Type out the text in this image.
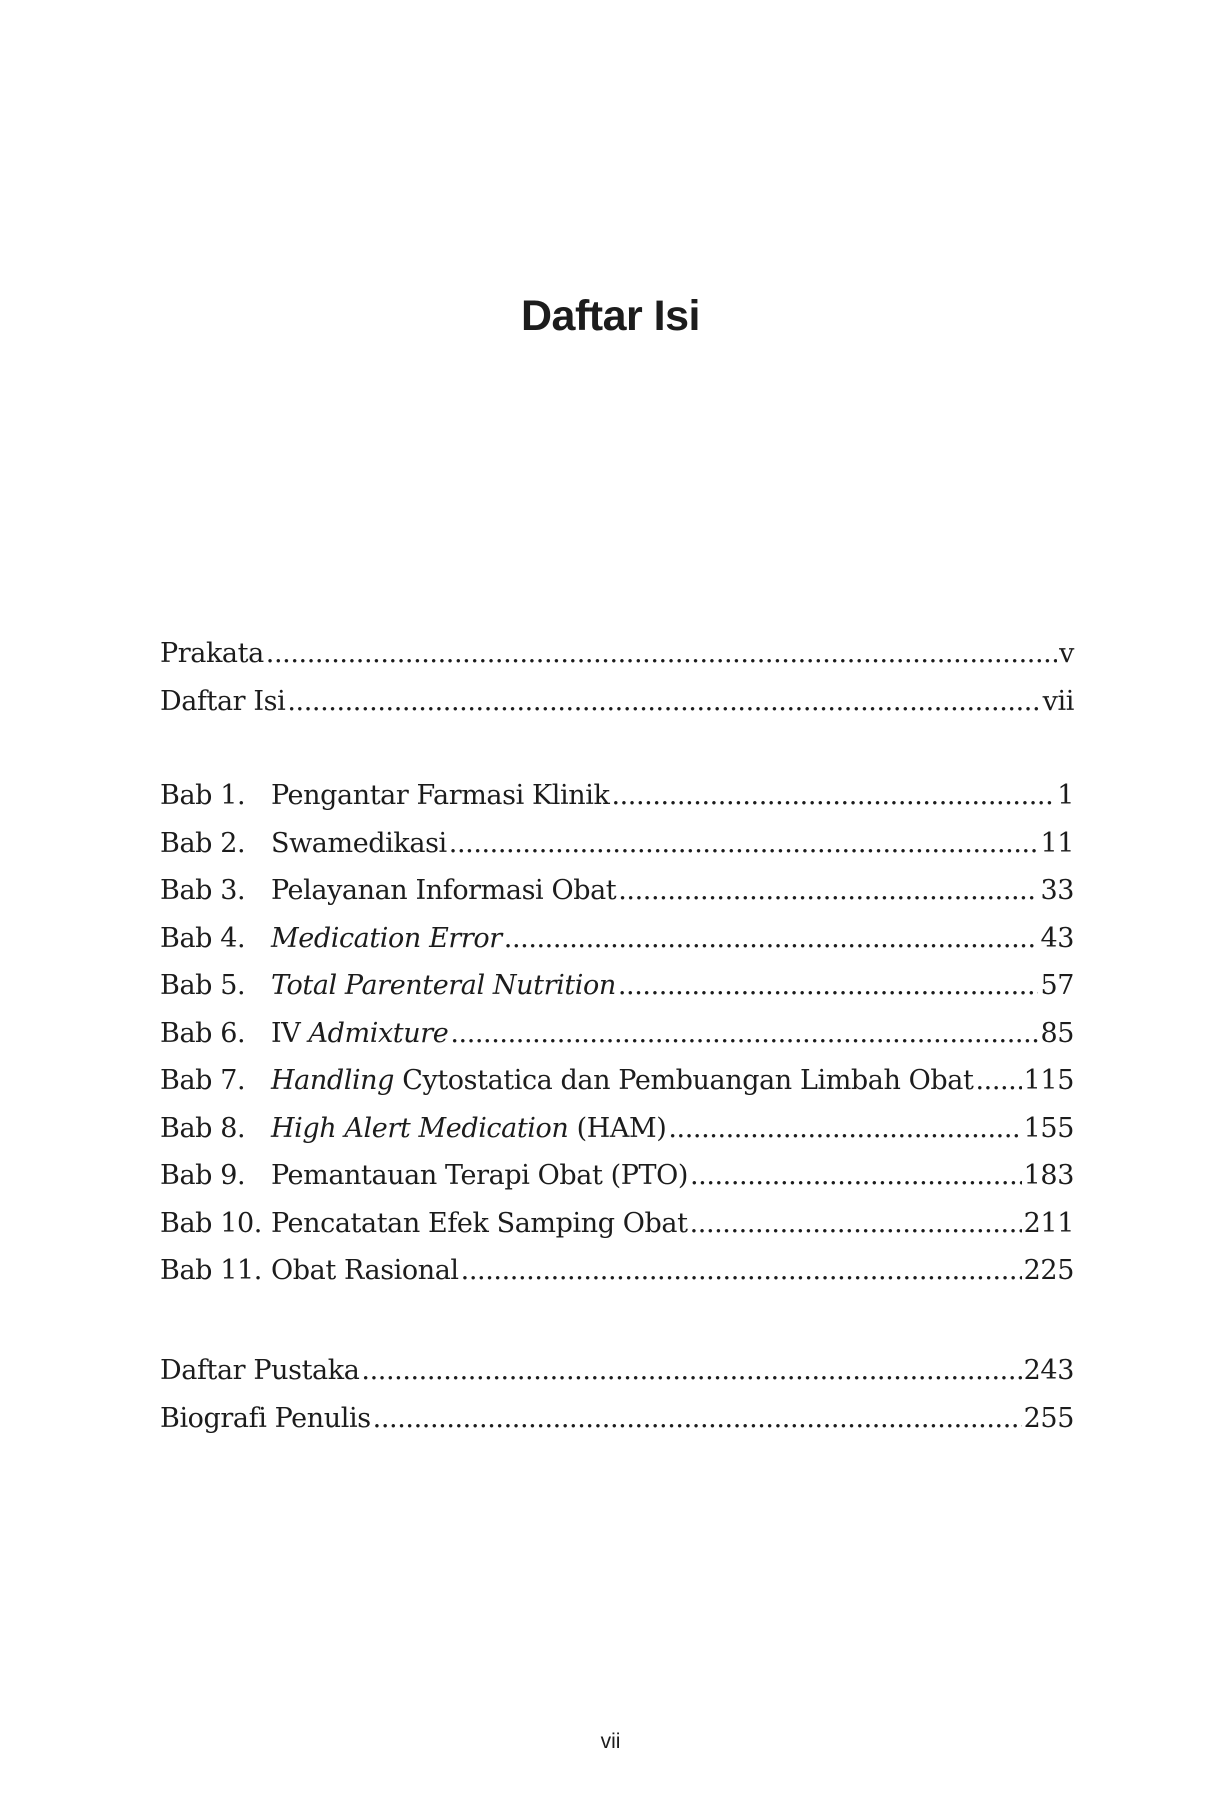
Daftar Isi
Prakata .....	v
Daftar Isi .....	vii
Bab 1. Pengantar Farmasi Klinik .....	1
Bab 2. Swamedikasi .....	11
Bab 3. Pelayanan Informasi Obat .....	33
Bab 4. Medication Error .....	43
Bab 5. Total Parenteral Nutrition .....	57
Bab 6. IV Admixture .....	85
Bab 7. Handling Cytostatica dan Pembuangan Limbah Obat ..... 115
Bab 8. High Alert Medication (HAM) .....	155
Bab 9. Pemantauan Terapi Obat (PTO) .....	183
Bab 10. Pencatatan Efek Samping Obat .....	211
Bab 11. Obat Rasional .....	225
Daftar Pustaka .....	243
Biografi Penulis .....	255
vii
